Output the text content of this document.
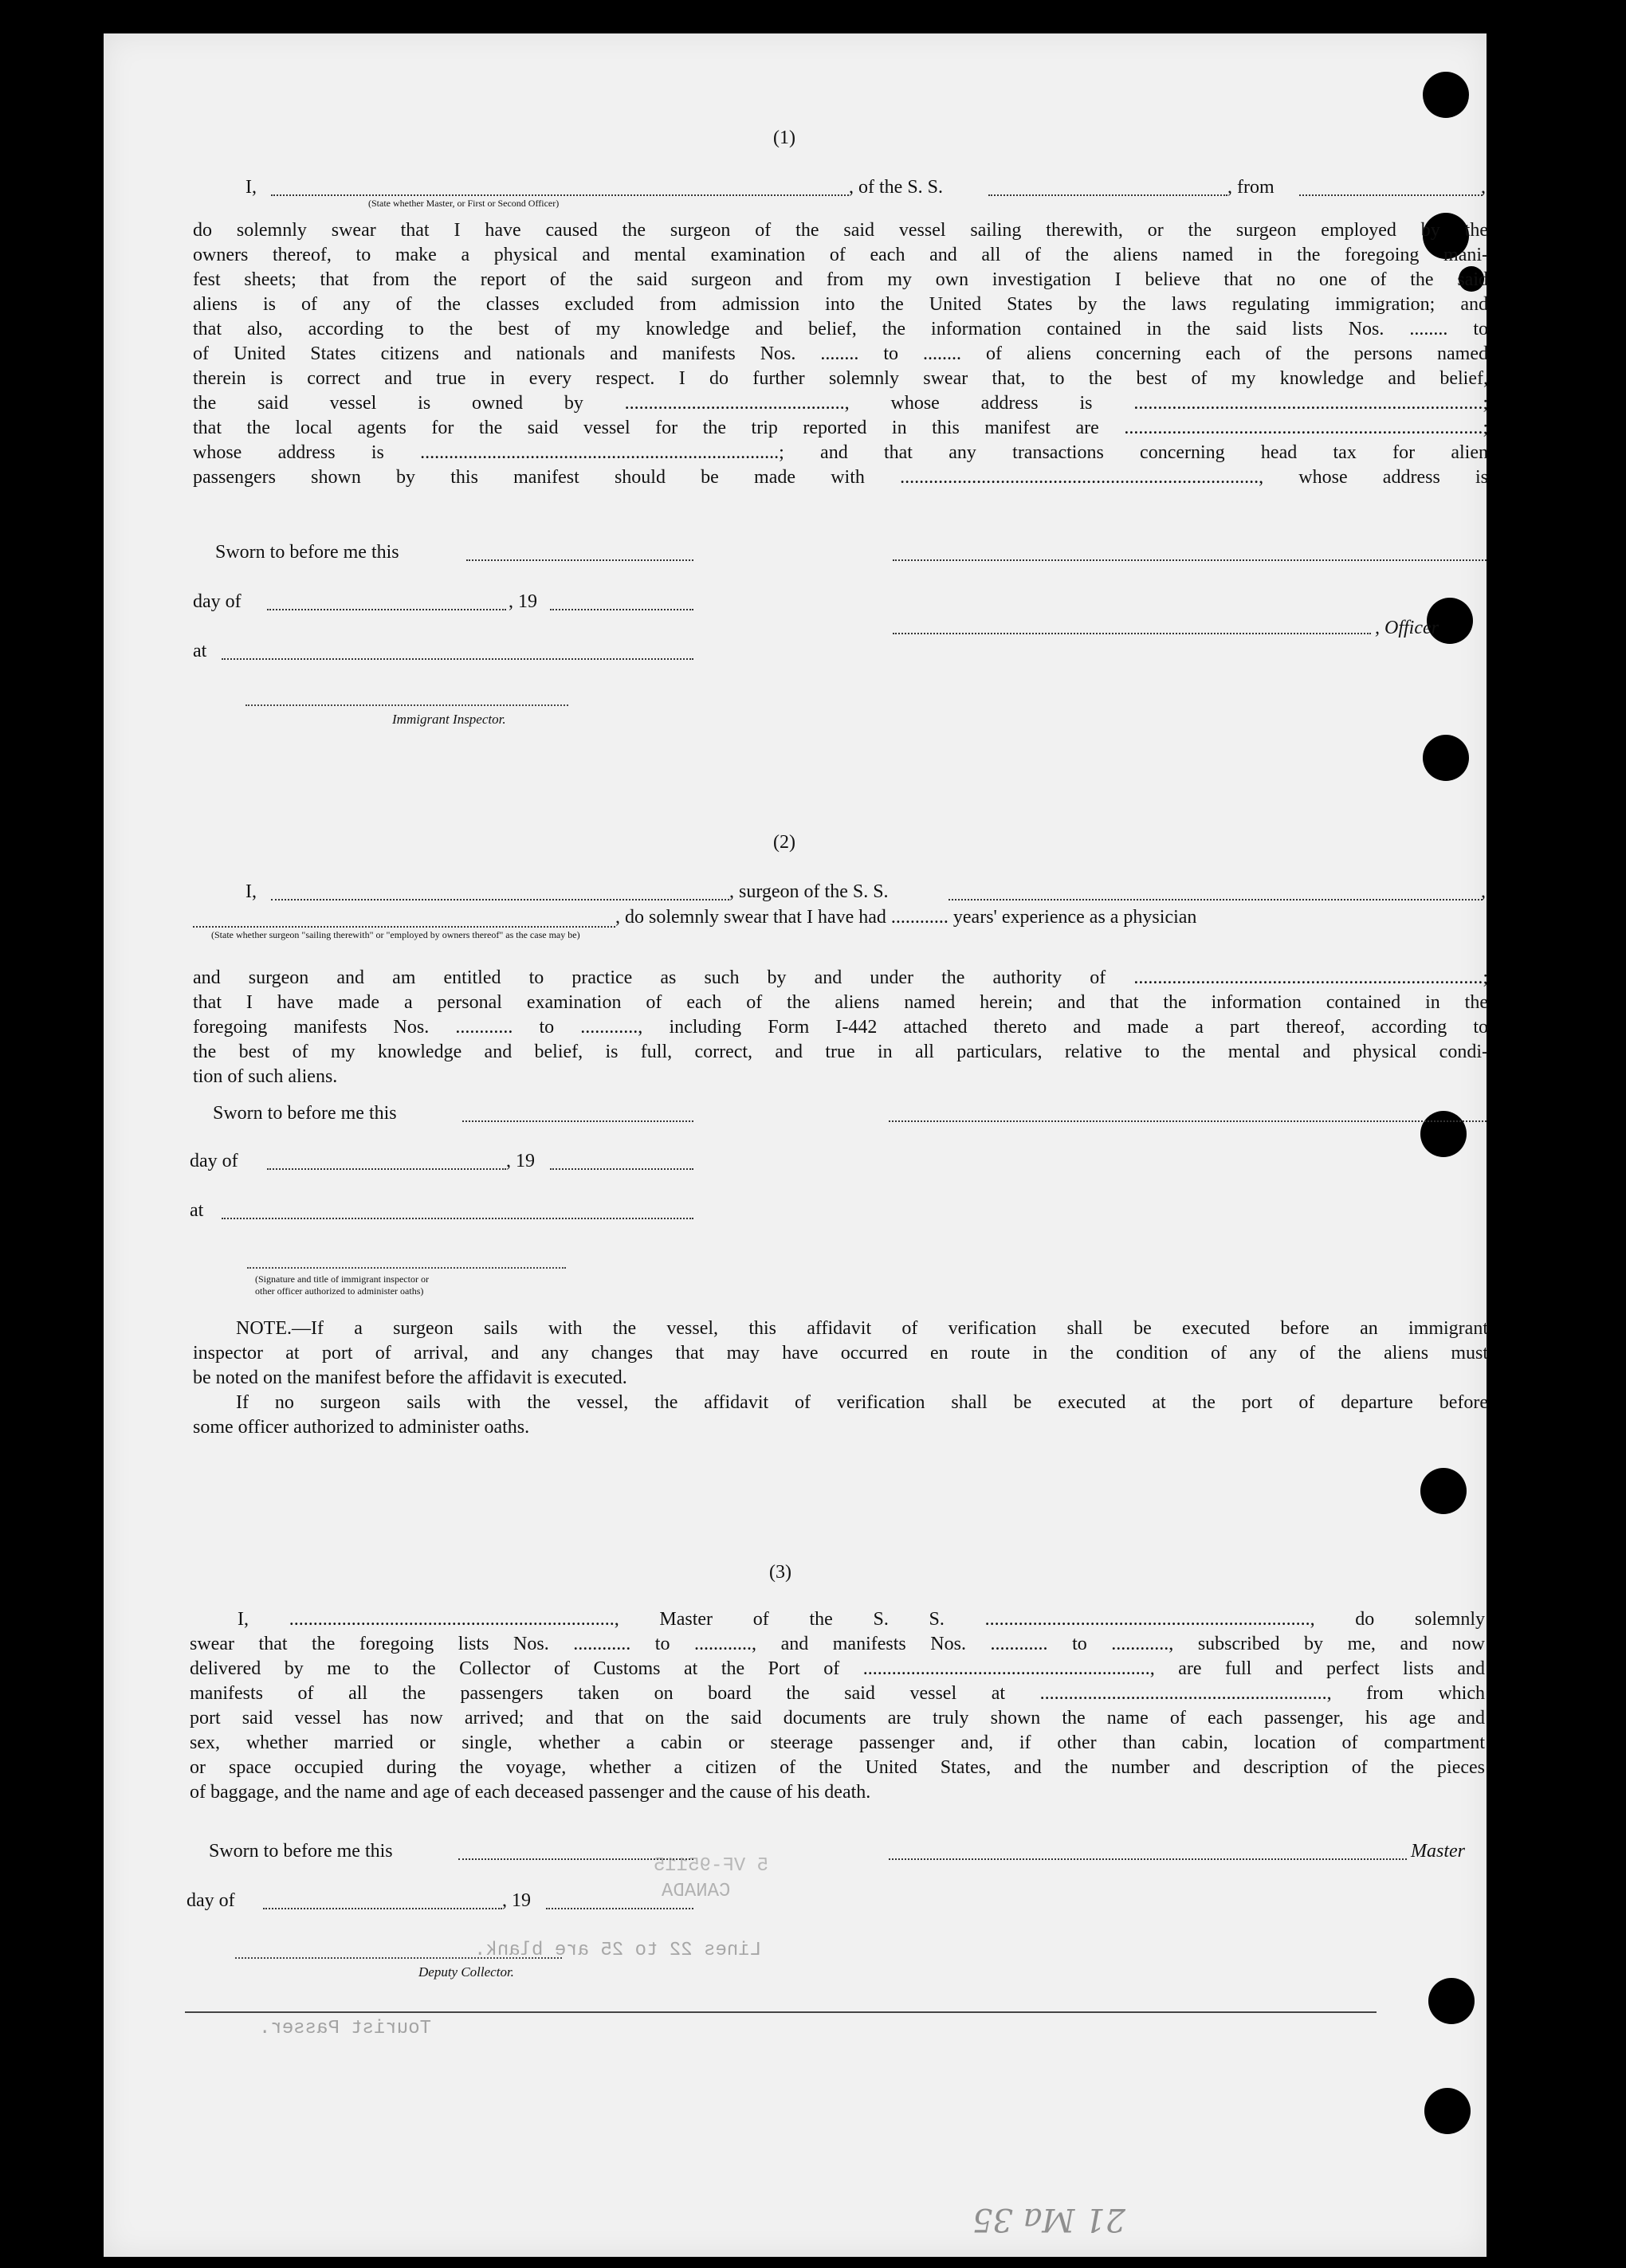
(1)
I,	, of the S. S.	, from	,
(State whether Master, or First or Second Officer)
do solemnly swear that I have caused the surgeon of the said vessel sailing therewith, or the surgeon employed by the
owners thereof, to make a physical and mental examination of each and all of the aliens named in the foregoing mani-
fest sheets; that from the report of the said surgeon and from my own investigation I believe that no one of the said
aliens is of any of the classes excluded from admission into the United States by the laws regulating immigration; and
that also, according to the best of my knowledge and belief, the information contained in the said lists Nos. ........ to
of United States citizens and nationals and manifests Nos. ........ to ........ of aliens concerning each of the persons named
therein is correct and true in every respect. I do further solemnly swear that, to the best of my knowledge and belief,
the said vessel is owned by .............................................., whose address is .........................................................................;
that the local agents for the said vessel for the trip reported in this manifest are ...........................................................................;
whose address is ...........................................................................; and that any transactions concerning head tax for alien
passengers shown by this manifest should be made with ..........................................................................., whose address is
Sworn to before me this
day of	, 19
, Officer
at
Immigrant Inspector.
(2)
I,	, surgeon of the S. S.	,
, do solemnly swear that I have had ............ years' experience as a physician
(State whether surgeon "sailing therewith" or "employed by owners thereof" as the case may be)
and surgeon and am entitled to practice as such by and under the authority of .........................................................................;
that I have made a personal examination of each of the aliens named herein; and that the information contained in the
foregoing manifests Nos. ............ to ............, including Form I-442 attached thereto and made a part thereof, according to
the best of my knowledge and belief, is full, correct, and true in all particulars, relative to the mental and physical condi-
tion of such aliens.
Sworn to before me this
day of	, 19
at
(Signature and title of immigrant inspector or
other officer authorized to administer oaths)
NOTE.—If a surgeon sails with the vessel, this affidavit of verification shall be executed before an immigrant
inspector at port of arrival, and any changes that may have occurred en route in the condition of any of the aliens must
be noted on the manifest before the affidavit is executed.
If no surgeon sails with the vessel, the affidavit of verification shall be executed at the port of departure before
some officer authorized to administer oaths.
(3)
I, ...................................................................., Master of the S. S. ...................................................................., do solemnly
swear that the foregoing lists Nos. ............ to ............, and manifests Nos. ............ to ............, subscribed by me, and now
delivered by me to the Collector of Customs at the Port of ............................................................, are full and perfect lists and
manifests of all the passengers taken on board the said vessel at ............................................................, from which
port said vessel has now arrived; and that on the said documents are truly shown the name of each passenger, his age and
sex, whether married or single, whether a cabin or steerage passenger and, if other than cabin, location of compartment
or space occupied during the voyage, whether a citizen of the United States, and the number and description of the pieces
of baggage, and the name and age of each deceased passenger and the cause of his death.
Sworn to before me this	Master
day of	, 19
Deputy Collector.
Lines 22 to 25 are blank.
CANADA
5 VF-95115
Tourist Passer.
21 Ma 35
